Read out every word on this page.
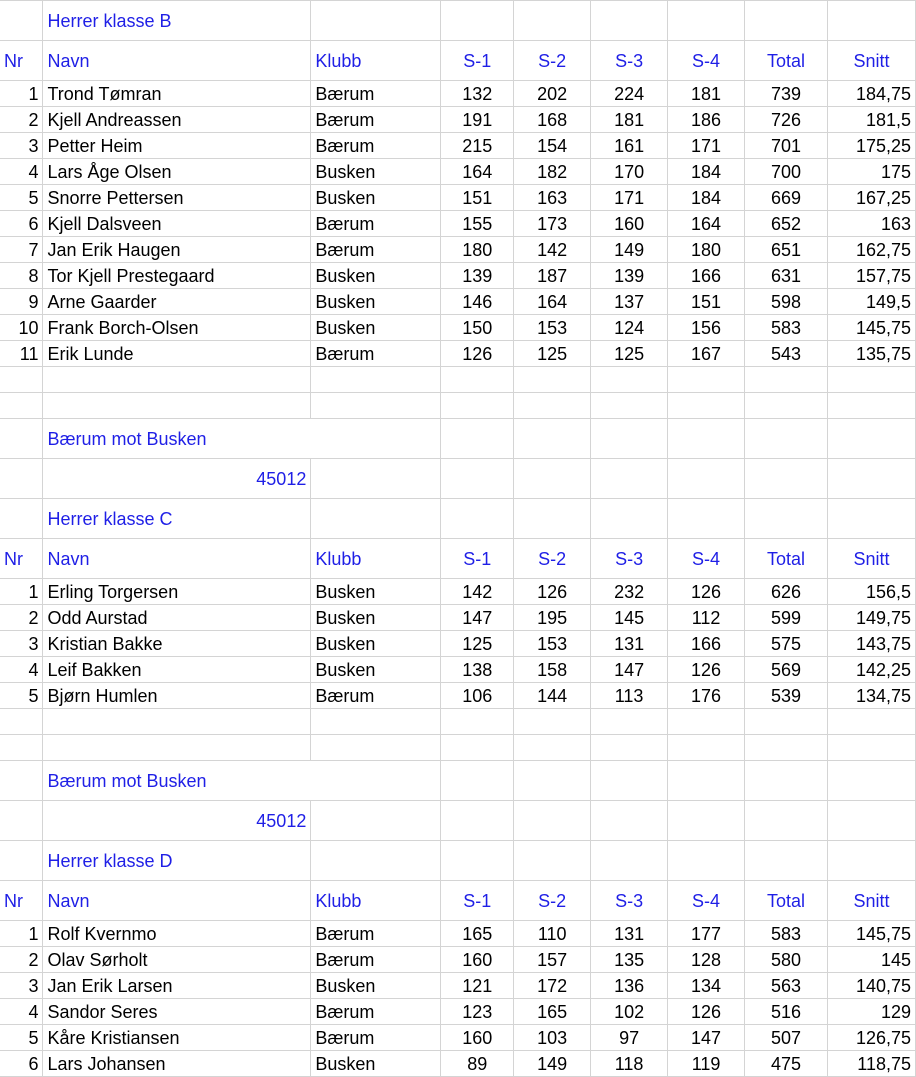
	Herrer klasse B							
Nr	Navn	Klubb	S-1	S-2	S-3	S-4	Total	Snitt
1	Trond Tømran	Bærum	132	202	224	181	739	184,75
2	Kjell Andreassen	Bærum	191	168	181	186	726	181,5
3	Petter Heim	Bærum	215	154	161	171	701	175,25
4	Lars Åge Olsen	Busken	164	182	170	184	700	175
5	Snorre Pettersen	Busken	151	163	171	184	669	167,25
6	Kjell Dalsveen	Bærum	155	173	160	164	652	163
7	Jan Erik Haugen	Bærum	180	142	149	180	651	162,75
8	Tor Kjell Prestegaard	Busken	139	187	139	166	631	157,75
9	Arne Gaarder	Busken	146	164	137	151	598	149,5
10	Frank Borch-Olsen	Busken	150	153	124	156	583	145,75
11	Erik Lunde	Bærum	126	125	125	167	543	135,75

	Bærum mot Busken							
	45012							
	Herrer klasse C							
Nr	Navn	Klubb	S-1	S-2	S-3	S-4	Total	Snitt
1	Erling Torgersen	Busken	142	126	232	126	626	156,5
2	Odd Aurstad	Busken	147	195	145	112	599	149,75
3	Kristian Bakke	Busken	125	153	131	166	575	143,75
4	Leif Bakken	Busken	138	158	147	126	569	142,25
5	Bjørn Humlen	Bærum	106	144	113	176	539	134,75

	Bærum mot Busken							
	45012							
	Herrer klasse D							
Nr	Navn	Klubb	S-1	S-2	S-3	S-4	Total	Snitt
1	Rolf Kvernmo	Bærum	165	110	131	177	583	145,75
2	Olav Sørholt	Bærum	160	157	135	128	580	145
3	Jan Erik Larsen	Busken	121	172	136	134	563	140,75
4	Sandor Seres	Bærum	123	165	102	126	516	129
5	Kåre Kristiansen	Bærum	160	103	97	147	507	126,75
6	Lars Johansen	Busken	89	149	118	119	475	118,75
